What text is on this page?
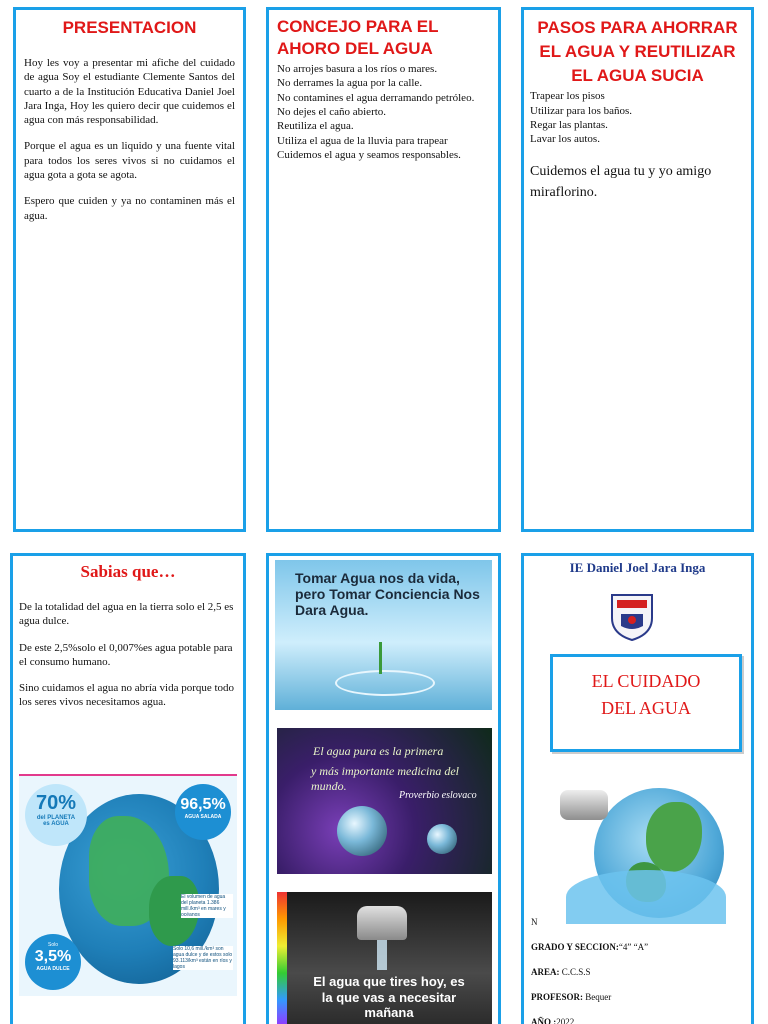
PRESENTACION

Hoy les voy a presentar mi afiche del cuidado de agua Soy el estudiante Clemente Santos del cuarto a de la Institución Educativa Daniel Joel Jara Inga, Hoy les quiero decir que cuidemos el agua con más responsabilidad.

Porque el agua es un liquido y una fuente vital para todos los seres vivos si no cuidamos el agua gota a gota se agota.

Espero que cuiden y ya no contaminen más el agua.

CONCEJO PARA EL AHORO DEL AGUA

No arrojes basura a los ríos o mares.

No derrames la agua por la calle.

No contamines el agua derramando petróleo.

No dejes el caño abierto.

Reutiliza el agua.

Utiliza el agua de la lluvia para trapear

Cuidemos el agua y seamos responsables.

PASOS PARA AHORRAR EL AGUA Y REUTILIZAR EL AGUA SUCIA

Trapear los pisos

Utilizar para los baños.

Regar las plantas.

Lavar los autos.

Cuidemos el agua tu y yo amigo miraflorino.

Sabias que…

De la totalidad del agua en la tierra solo el 2,5 es agua dulce.

De este 2,5%solo el 0,007%es agua potable para el consumo humano.

Sino cuidamos el agua no abría vida porque todo los seres vivos necesitamos agua.

70%
del PLANETA es AGUA
96,5%
AGUA SALADA
Solo
3,5%
AGUA DULCE
El volumen de agua del planeta 1.386 mill./km³ en mares y océanos
Solo 10,6 mill./km³ son agua dulce y de estos solo 93.113/km³ están en ríos y lagos

Tomar Agua nos da vida, pero Tomar Conciencia Nos Dara Agua.

El agua pura es la primera

y más importante medicina del mundo.

Proverbio eslovaco

El agua que tires hoy, es la que vas a necesitar mañana

IE Daniel Joel Jara Inga

EL CUIDADO DEL AGUA

N

GRADO Y SECCION:“4” “A”

AREA: C.C.S.S

PROFESOR: Bequer

AÑO :2022
